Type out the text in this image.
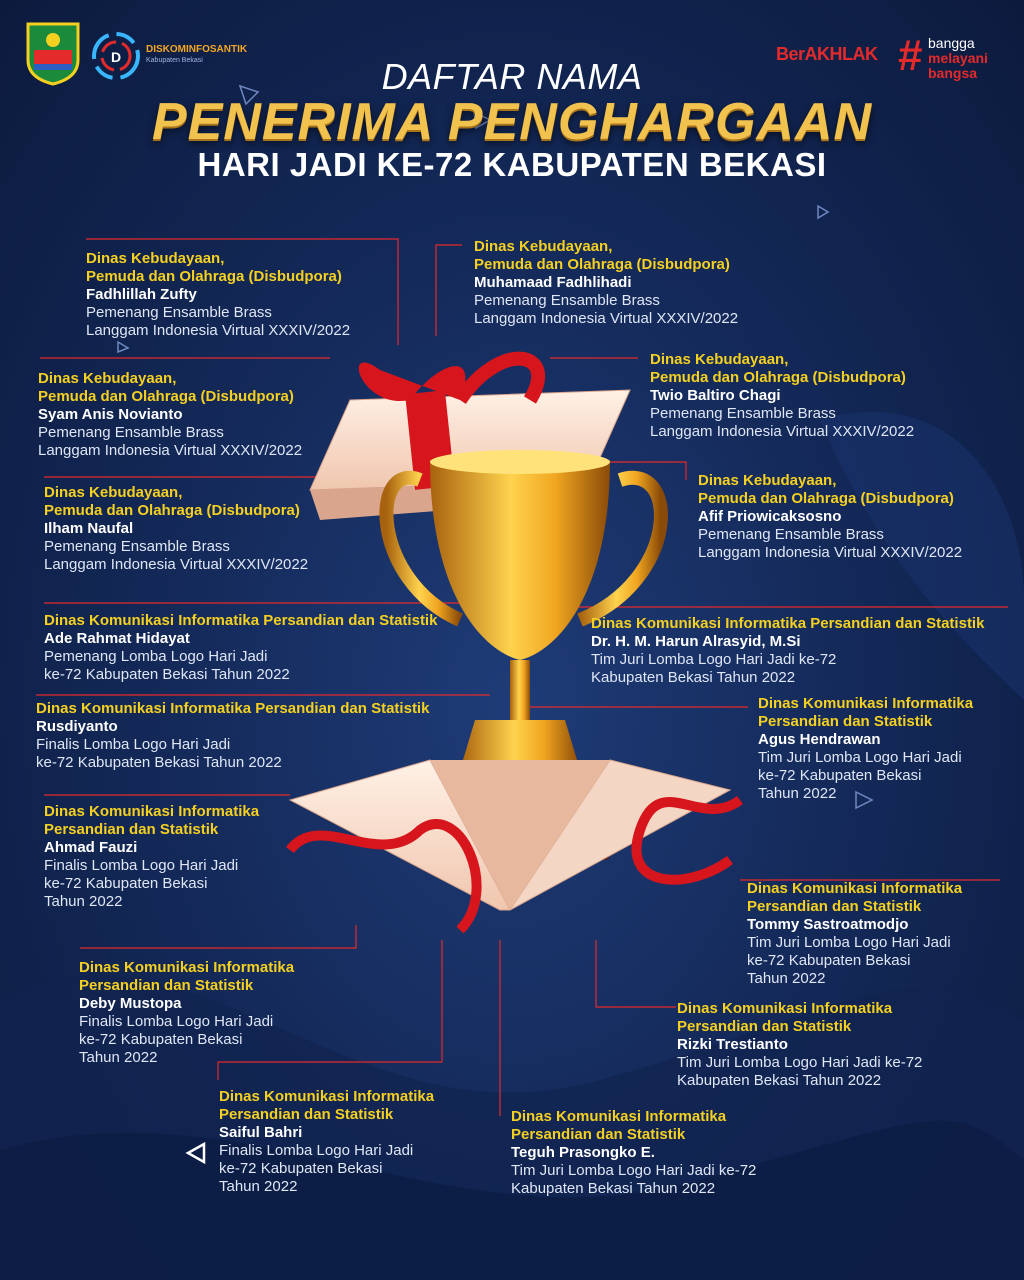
D DISKOMINFOSANTIK
Kabupaten Bekasi	BerAKHLAK # bangga
melayani
bangsa
DAFTAR NAMA
PENERIMA PENGHARGAAN
HARI JADI KE-72 KABUPATEN BEKASI
Dinas Kebudayaan,
Pemuda dan Olahraga (Disbudpora)
Fadhlillah Zufty
Pemenang Ensamble Brass
Langgam Indonesia Virtual XXXIV/2022
Dinas Kebudayaan,
Pemuda dan Olahraga (Disbudpora)
Muhamaad Fadhlihadi
Pemenang Ensamble Brass
Langgam Indonesia Virtual XXXIV/2022
Dinas Kebudayaan,
Pemuda dan Olahraga (Disbudpora)
Syam Anis Novianto
Pemenang Ensamble Brass
Langgam Indonesia Virtual XXXIV/2022
Dinas Kebudayaan,
Pemuda dan Olahraga (Disbudpora)
Twio Baltiro Chagi
Pemenang Ensamble Brass
Langgam Indonesia Virtual XXXIV/2022
Dinas Kebudayaan,
Pemuda dan Olahraga (Disbudpora)
Ilham Naufal
Pemenang Ensamble Brass
Langgam Indonesia Virtual XXXIV/2022
Dinas Kebudayaan,
Pemuda dan Olahraga (Disbudpora)
Afif Priowicaksosno
Pemenang Ensamble Brass
Langgam Indonesia Virtual XXXIV/2022
Dinas Komunikasi Informatika Persandian dan Statistik
Ade Rahmat Hidayat
Pemenang Lomba Logo Hari Jadi
ke-72 Kabupaten Bekasi Tahun 2022
Dinas Komunikasi Informatika Persandian dan Statistik
Dr. H. M. Harun Alrasyid, M.Si
Tim Juri Lomba Logo Hari Jadi ke-72
Kabupaten Bekasi Tahun 2022
Dinas Komunikasi Informatika Persandian dan Statistik
Rusdiyanto
Finalis Lomba Logo Hari Jadi
ke-72 Kabupaten Bekasi Tahun 2022
Dinas Komunikasi Informatika
Persandian dan Statistik
Agus Hendrawan
Tim Juri Lomba Logo Hari Jadi
ke-72 Kabupaten Bekasi
Tahun 2022
Dinas Komunikasi Informatika
Persandian dan Statistik
Ahmad Fauzi
Finalis Lomba Logo Hari Jadi
ke-72 Kabupaten Bekasi
Tahun 2022
Dinas Komunikasi Informatika
Persandian dan Statistik
Tommy Sastroatmodjo
Tim Juri Lomba Logo Hari Jadi
ke-72 Kabupaten Bekasi
Tahun 2022
Dinas Komunikasi Informatika
Persandian dan Statistik
Deby Mustopa
Finalis Lomba Logo Hari Jadi
ke-72 Kabupaten Bekasi
Tahun 2022
Dinas Komunikasi Informatika
Persandian dan Statistik
Rizki Trestianto
Tim Juri Lomba Logo Hari Jadi ke-72
Kabupaten Bekasi Tahun 2022
Dinas Komunikasi Informatika
Persandian dan Statistik
Saiful Bahri
Finalis Lomba Logo Hari Jadi
ke-72 Kabupaten Bekasi
Tahun 2022
Dinas Komunikasi Informatika
Persandian dan Statistik
Teguh Prasongko E.
Tim Juri Lomba Logo Hari Jadi ke-72
Kabupaten Bekasi Tahun 2022
